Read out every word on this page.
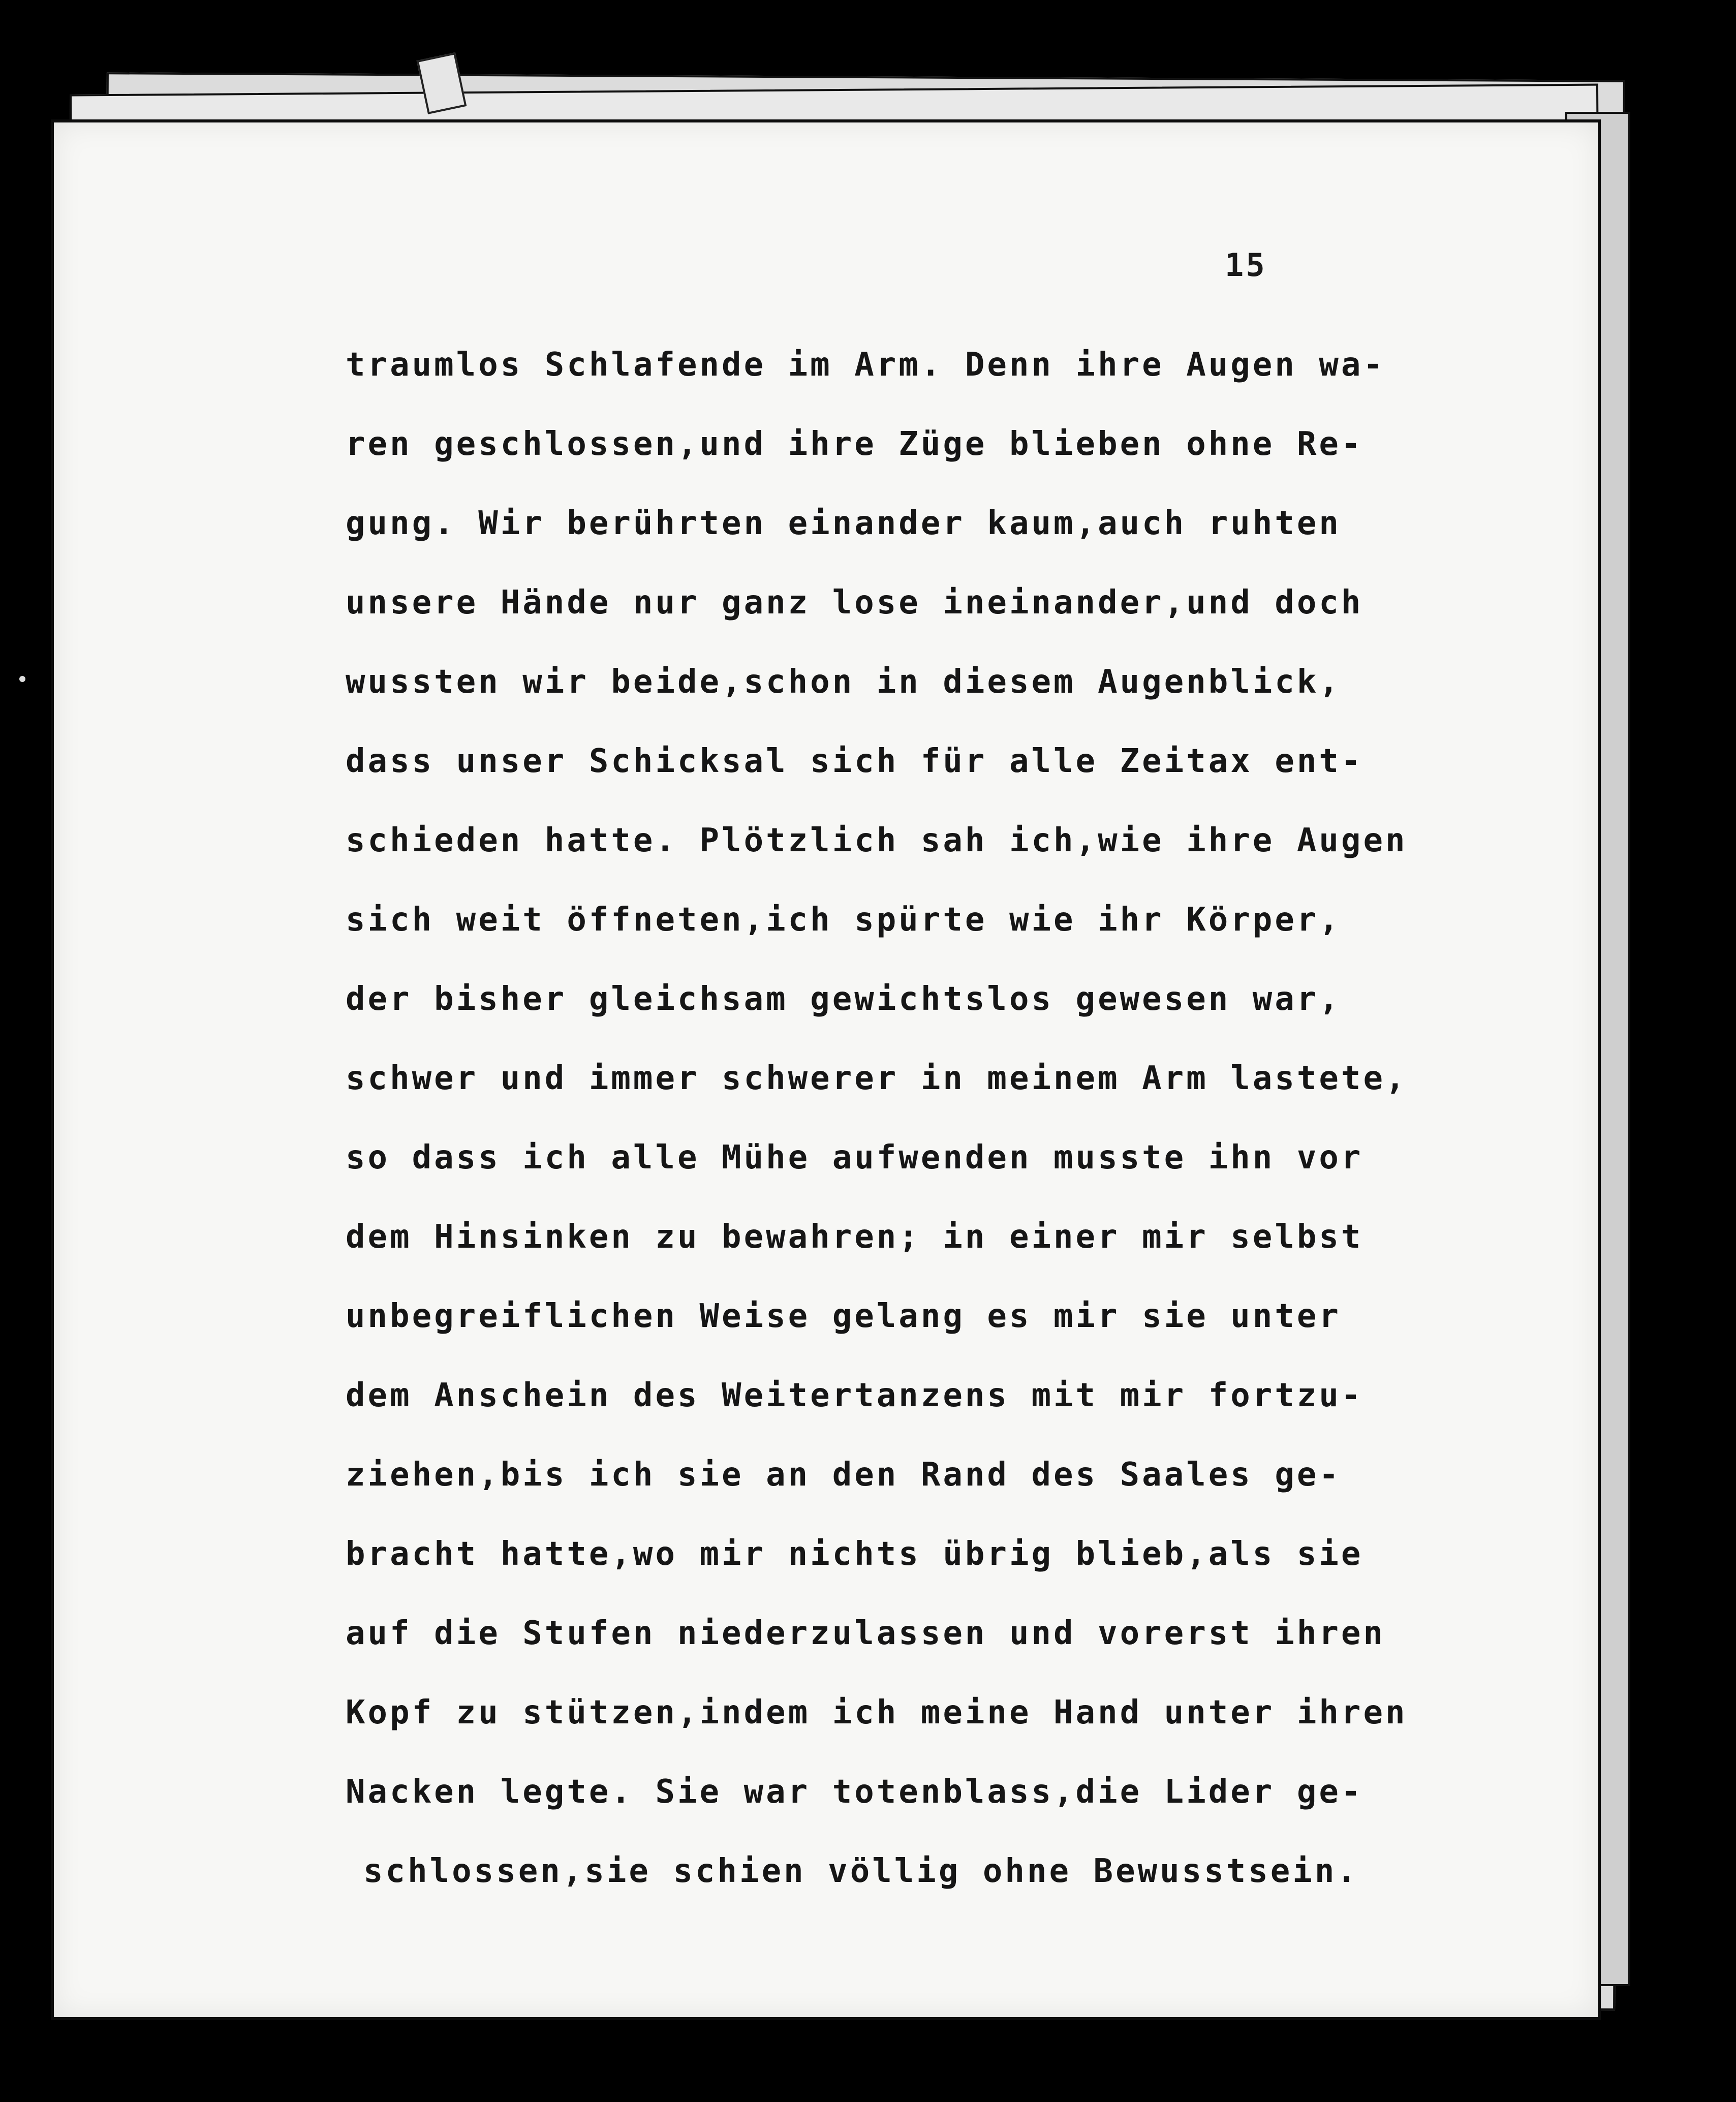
15
traumlos Schlafende im Arm. Denn ihre Augen wa-
ren geschlossen,und ihre Züge blieben ohne Re-
gung. Wir berührten einander kaum,auch ruhten
unsere Hände nur ganz lose ineinander,und doch
wussten wir beide,schon in diesem Augenblick,
dass unser Schicksal sich für alle Zeitax ent-
schieden hatte. Plötzlich sah ich,wie ihre Augen
sich weit öffneten,ich spürte wie ihr Körper,
der bisher gleichsam gewichtslos gewesen war,
schwer und immer schwerer in meinem Arm lastete,
so dass ich alle Mühe aufwenden musste ihn vor
dem Hinsinken zu bewahren; in einer mir selbst
unbegreiflichen Weise gelang es mir sie unter
dem Anschein des Weitertanzens mit mir fortzu-
ziehen,bis ich sie an den Rand des Saales ge-
bracht hatte,wo mir nichts übrig blieb,als sie
auf die Stufen niederzulassen und vorerst ihren
Kopf zu stützen,indem ich meine Hand unter ihren
Nacken legte. Sie war totenblass,die Lider ge-
schlossen,sie schien völlig ohne Bewusstsein.
